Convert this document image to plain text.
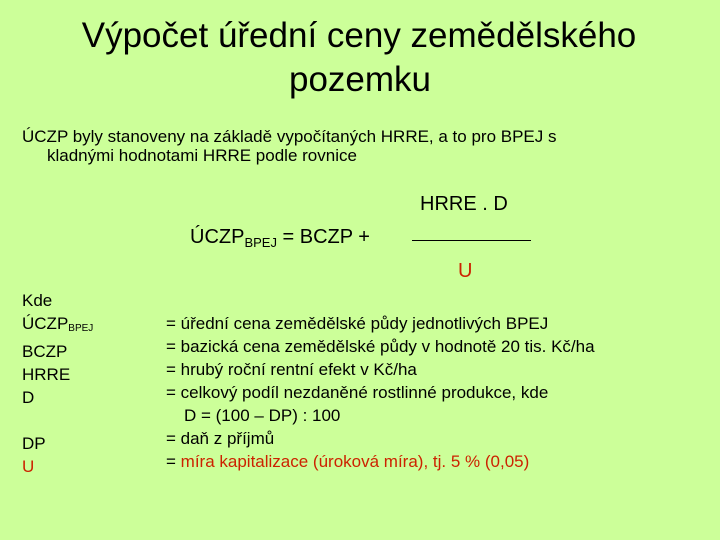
Výpočet úřední ceny zemědělského
pozemku
ÚCZP byly stanoveny na základě vypočítaných HRRE, a to pro BPEJ s
kladnými hodnotami HRRE podle rovnice
HRRE . D
$ÚCZP_{BPEJ}$ = BCZP +
U
Kde
$ÚCZP_{BPEJ}$
BCZP
HRRE
D
DP
U
= úřední cena zemědělské půdy jednotlivých BPEJ
= bazická cena zemědělské půdy v hodnotě 20 tis. Kč/ha
= hrubý roční rentní efekt v Kč/ha
= celkový podíl nezdaněné rostlinné produkce, kde
D = (100 – DP) : 100
= daň z příjmů
= míra kapitalizace (úroková míra), tj. 5 % (0,05)
